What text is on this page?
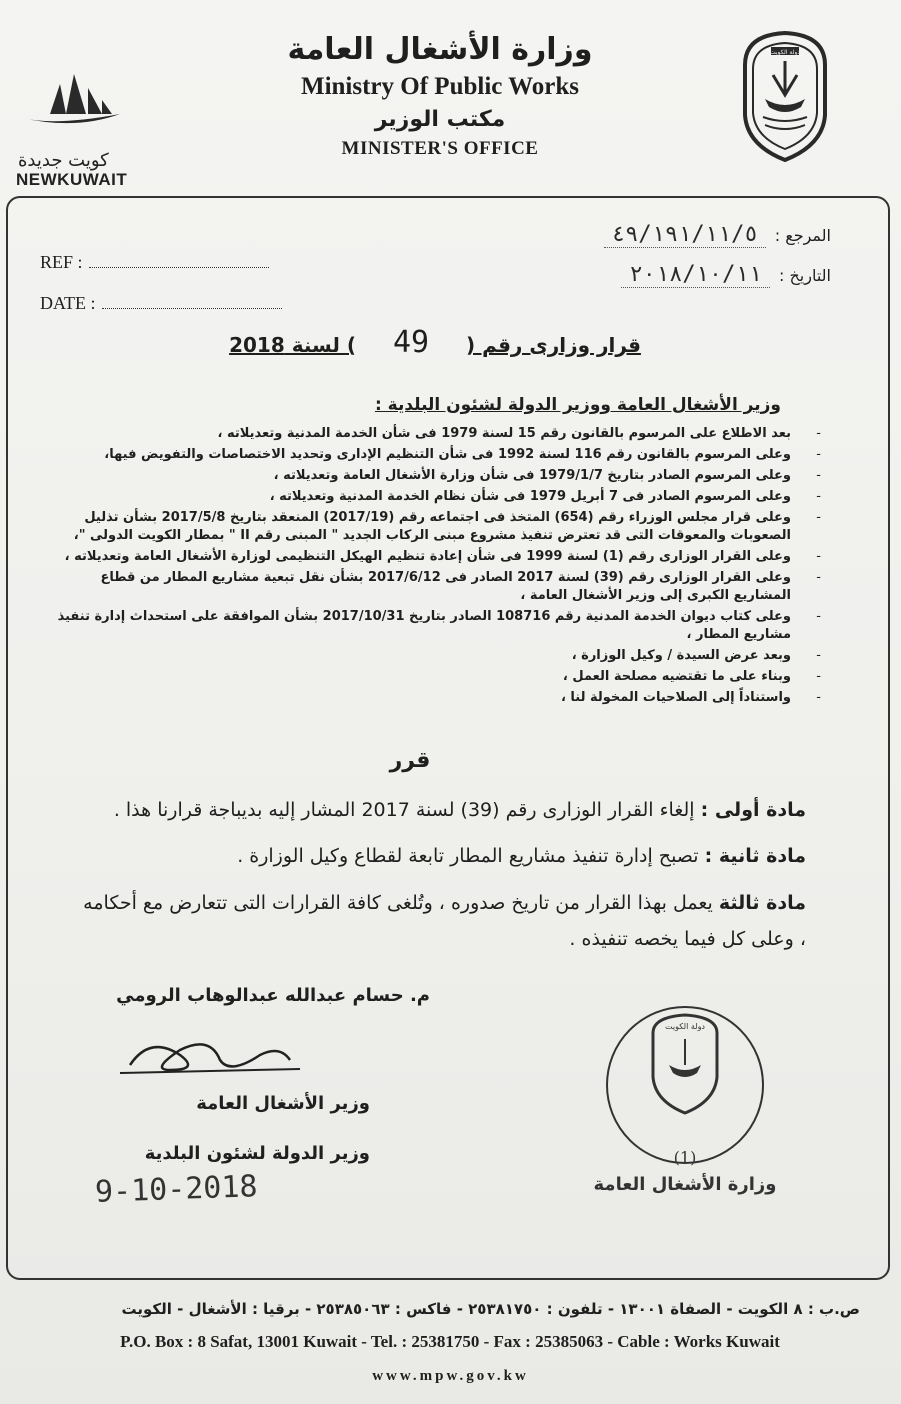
كويت جديدة
NEWKUWAIT

وزارة الأشغال العامة

Ministry Of Public Works

مكتب الوزير

MINISTER'S OFFICE

دولة الكويت
المرجع : ٤٩/١٩١/١١/٥
التاريخ : ٢٠١٨/١٠/١١
REF :
DATE :
قرار وزارى رقم ( 49 ) لسنة 2018
وزير الأشغال العامة ووزير الدولة لشئون البلدية :
- بعد الاطلاع على المرسوم بالقانون رقم 15 لسنة 1979 فى شأن الخدمة المدنية وتعديلاته ،
- وعلى المرسوم بالقانون رقم 116 لسنة 1992 فى شأن التنظيم الإدارى وتحديد الاختصاصات والتفويض فيها،
- وعلى المرسوم الصادر بتاريخ 1979/1/7 فى شأن وزارة الأشغال العامة وتعديلاته ،
- وعلى المرسوم الصادر فى 7 أبريل 1979 فى شأن نظام الخدمة المدنية وتعديلاته ،
- وعلى قرار مجلس الوزراء رقم (654) المتخذ فى اجتماعه رقم (2017/19) المنعقد بتاريخ 2017/5/8 بشأن تذليل الصعوبات والمعوقات التى قد تعترض تنفيذ مشروع مبنى الركاب الجديد " المبنى رقم II " بمطار الكويت الدولى "،
- وعلى القرار الوزارى رقم (1) لسنة 1999 فى شأن إعادة تنظيم الهيكل التنظيمى لوزارة الأشغال العامة وتعديلاته ،
- وعلى القرار الوزارى رقم (39) لسنة 2017 الصادر فى 2017/6/12 بشأن نقل تبعية مشاريع المطار من قطاع المشاريع الكبرى إلى وزير الأشغال العامة ،
- وعلى كتاب ديوان الخدمة المدنية رقم 108716 الصادر بتاريخ 2017/10/31 بشأن الموافقة على استحداث إدارة تنفيذ مشاريع المطار ،
- وبعد عرض السيدة / وكيل الوزارة ،
- وبناء على ما تقتضيه مصلحة العمل ،
- واستناداً إلى الصلاحيات المخولة لنا ،
قرر
مادة أولى : إلغاء القرار الوزارى رقم (39) لسنة 2017 المشار إليه بديباجة قرارنا هذا .
مادة ثانية : تصبح إدارة تنفيذ مشاريع المطار تابعة لقطاع وكيل الوزارة .
مادة ثالثة يعمل بهذا القرار من تاريخ صدوره ، وتُلغى كافة القرارات التى تتعارض مع أحكامه ، وعلى كل فيما يخصه تنفيذه .
م. حسام عبدالله عبدالوهاب الرومي
وزير الأشغال العامة
وزير الدولة لشئون البلدية
9-10-2018
دولة الكويت
(1)
وزارة الأشغال العامة
ص.ب : ٨ الكويت - الصفاة ١٣٠٠١ - تلفون : ٢٥٣٨١٧٥٠ - فاكس : ٢٥٣٨٥٠٦٣ - برقيا : الأشغال - الكويت
P.O. Box : 8 Safat, 13001 Kuwait - Tel. : 25381750 - Fax : 25385063 - Cable : Works Kuwait
www.mpw.gov.kw
